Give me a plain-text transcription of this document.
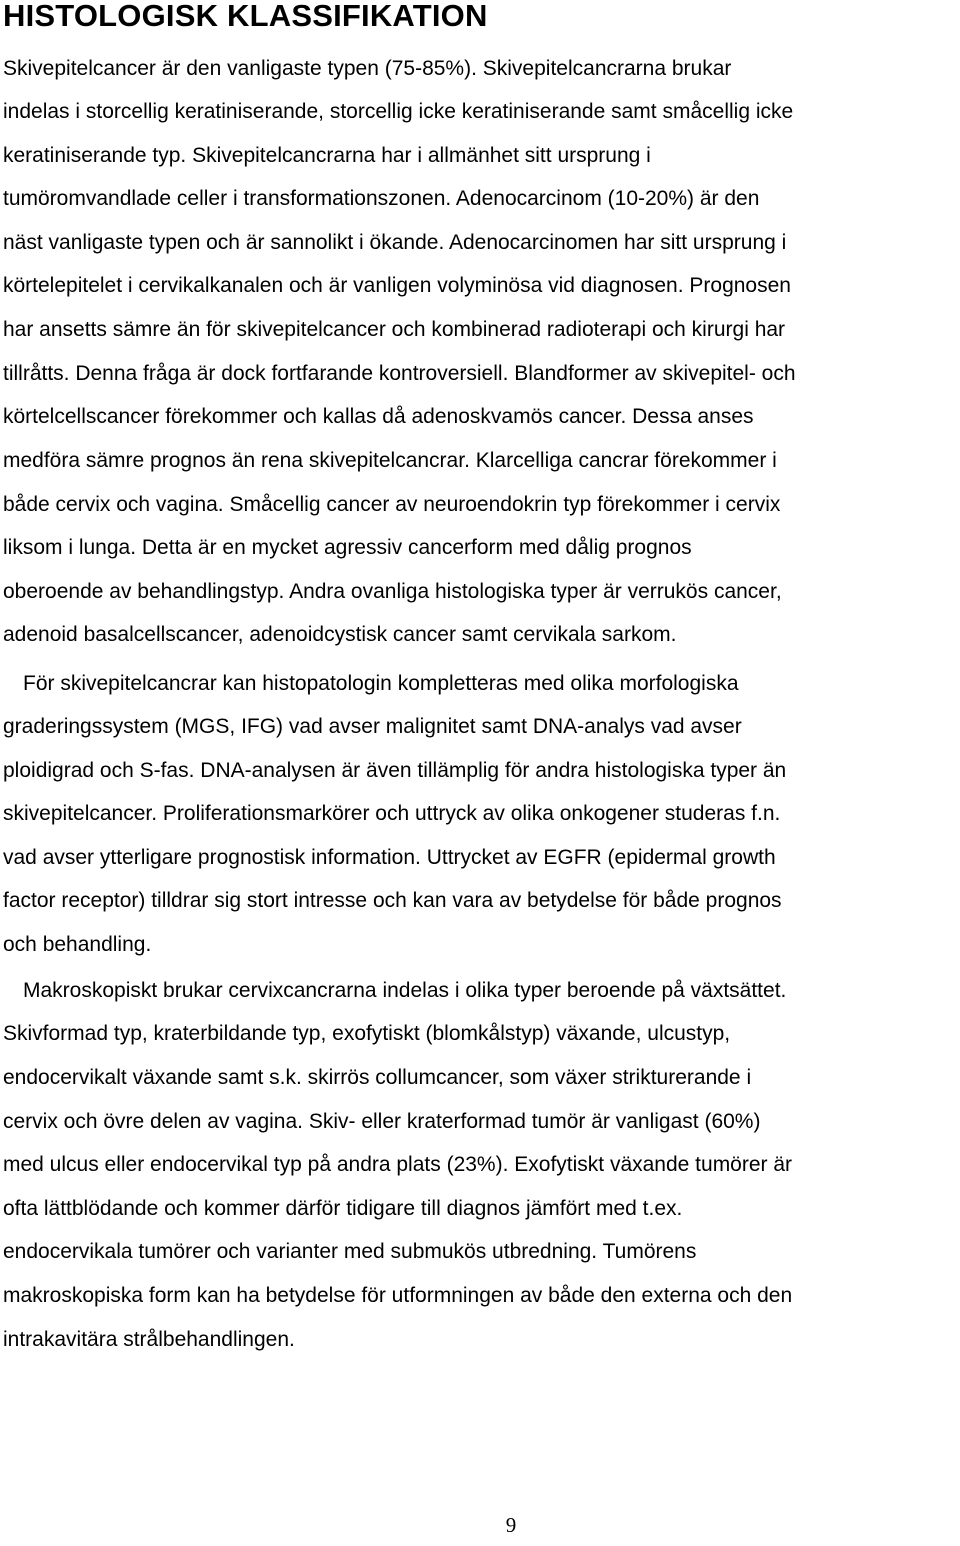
HISTOLOGISK KLASSIFIKATION
Skivepitelcancer är den vanligaste typen (75-85%). Skivepitelcancrarna brukar
indelas i storcellig keratiniserande, storcellig icke keratiniserande samt småcellig icke
keratiniserande typ. Skivepitelcancrarna har i allmänhet sitt ursprung i
tumöromvandlade celler i transformationszonen. Adenocarcinom (10-20%) är den
näst vanligaste typen och är sannolikt i ökande. Adenocarcinomen har sitt ursprung i
körtelepitelet i cervikalkanalen och är vanligen volyminösa vid diagnosen. Prognosen
har ansetts sämre än för skivepitelcancer och kombinerad radioterapi och kirurgi har
tillråtts. Denna fråga är dock fortfarande kontroversiell. Blandformer av skivepitel- och
körtelcellscancer förekommer och kallas då adenoskvamös cancer. Dessa anses
medföra sämre prognos än rena skivepitelcancrar. Klarcelliga cancrar förekommer i
både cervix och vagina. Småcellig cancer av neuroendokrin typ förekommer i cervix
liksom i lunga. Detta är en mycket agressiv cancerform med dålig prognos
oberoende av behandlingstyp. Andra ovanliga histologiska typer är verrukös cancer,
adenoid basalcellscancer, adenoidcystisk cancer samt cervikala sarkom.
För skivepitelcancrar kan histopatologin kompletteras med olika morfologiska
graderingssystem (MGS, IFG) vad avser malignitet samt DNA-analys vad avser
ploidigrad och S-fas. DNA-analysen är även tillämplig för andra histologiska typer än
skivepitelcancer. Proliferationsmarkörer och uttryck av olika onkogener studeras f.n.
vad avser ytterligare prognostisk information. Uttrycket av EGFR (epidermal growth
factor receptor) tilldrar sig stort intresse och kan vara av betydelse för både prognos
och behandling.
Makroskopiskt brukar cervixcancrarna indelas i olika typer beroende på växtsättet.
Skivformad typ, kraterbildande typ, exofytiskt (blomkålstyp) växande, ulcustyp,
endocervikalt växande samt s.k. skirrös collumcancer, som växer strikturerande i
cervix och övre delen av vagina. Skiv- eller kraterformad tumör är vanligast (60%)
med ulcus eller endocervikal typ på andra plats (23%). Exofytiskt växande tumörer är
ofta lättblödande och kommer därför tidigare till diagnos jämfört med t.ex.
endocervikala tumörer och varianter med submukös utbredning. Tumörens
makroskopiska form kan ha betydelse för utformningen av både den externa och den
intrakavitära strålbehandlingen.
9
